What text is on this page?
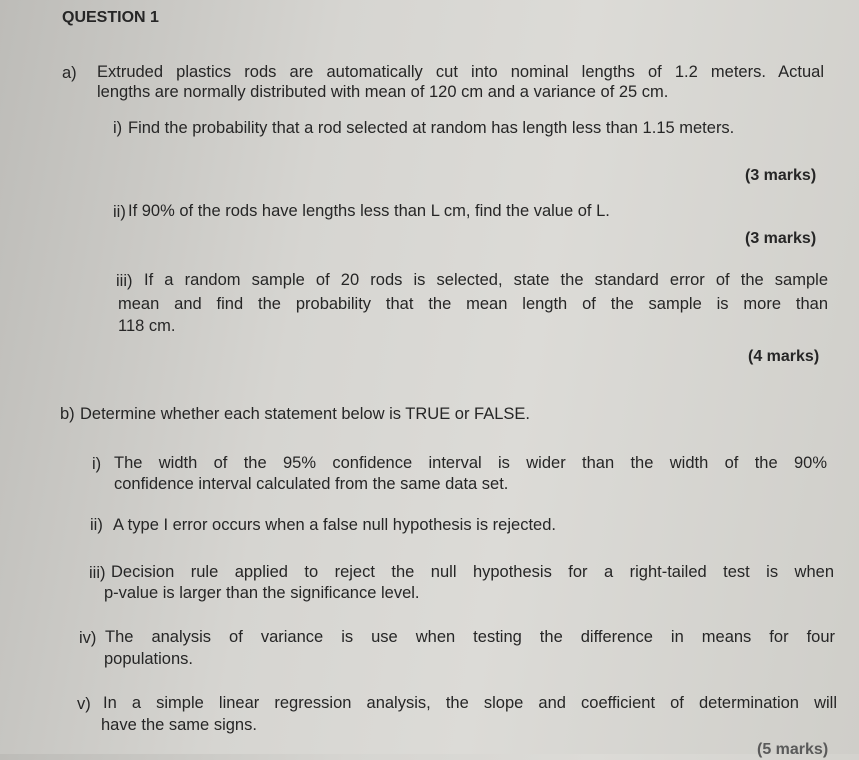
QUESTION 1
a) Extruded plastics rods are automatically cut into nominal lengths of 1.2 meters. Actual
lengths are normally distributed with mean of 120 cm and a variance of 25 cm.
i) Find the probability that a rod selected at random has length less than 1.15 meters.
(3 marks)
ii) If 90% of the rods have lengths less than L cm, find the value of L.
(3 marks)
iii) If a random sample of 20 rods is selected, state the standard error of the sample
mean and find the probability that the mean length of the sample is more than
118 cm.
(4 marks)
b) Determine whether each statement below is TRUE or FALSE.
i) The width of the 95% confidence interval is wider than the width of the 90%
confidence interval calculated from the same data set.
ii) A type I error occurs when a false null hypothesis is rejected.
iii) Decision rule applied to reject the null hypothesis for a right-tailed test is when
p-value is larger than the significance level.
iv) The analysis of variance is use when testing the difference in means for four
populations.
v) In a simple linear regression analysis, the slope and coefficient of determination will
have the same signs.
(5 marks)
